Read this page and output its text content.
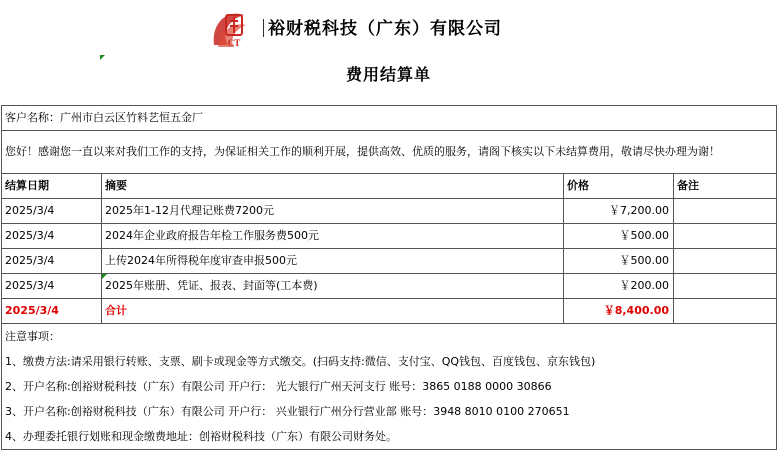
CT
裕财税科技（广东）有限公司
费用结算单
客户名称：广州市白云区竹料艺恒五金厂			
您好！感谢您一直以来对我们工作的支持，为保证相关工作的顺利开展，提供高效、优质的服务，请阁下核实以下未结算费用，敬请尽快办理为谢！			
结算日期	摘要	价格	备注
2025/3/4	2025年1-12月代理记账费7200元	￥7,200.00	
2025/3/4	2024年企业政府报告年检工作服务费500元	￥500.00	
2025/3/4	上传2024年所得税年度审查申报500元	￥500.00	
2025/3/4	2025年账册、凭证、报表、封面等(工本费)	￥200.00	
2025/3/4	合计	￥8,400.00	
注意事项：			
1、缴费方法:请采用银行转账、支票、刷卡或现金等方式缴交。(扫码支持:微信、支付宝、QQ钱包、百度钱包、京东钱包)			
2、开户名称:创裕财税科技（广东）有限公司 开户行： 光大银行广州天河支行 账号：3865 0188 0000 30866			
3、开户名称:创裕财税科技（广东）有限公司 开户行： 兴业银行广州分行营业部 账号：3948 8010 0100 270651			
4、办理委托银行划账和现金缴费地址：创裕财税科技（广东）有限公司财务处。			
